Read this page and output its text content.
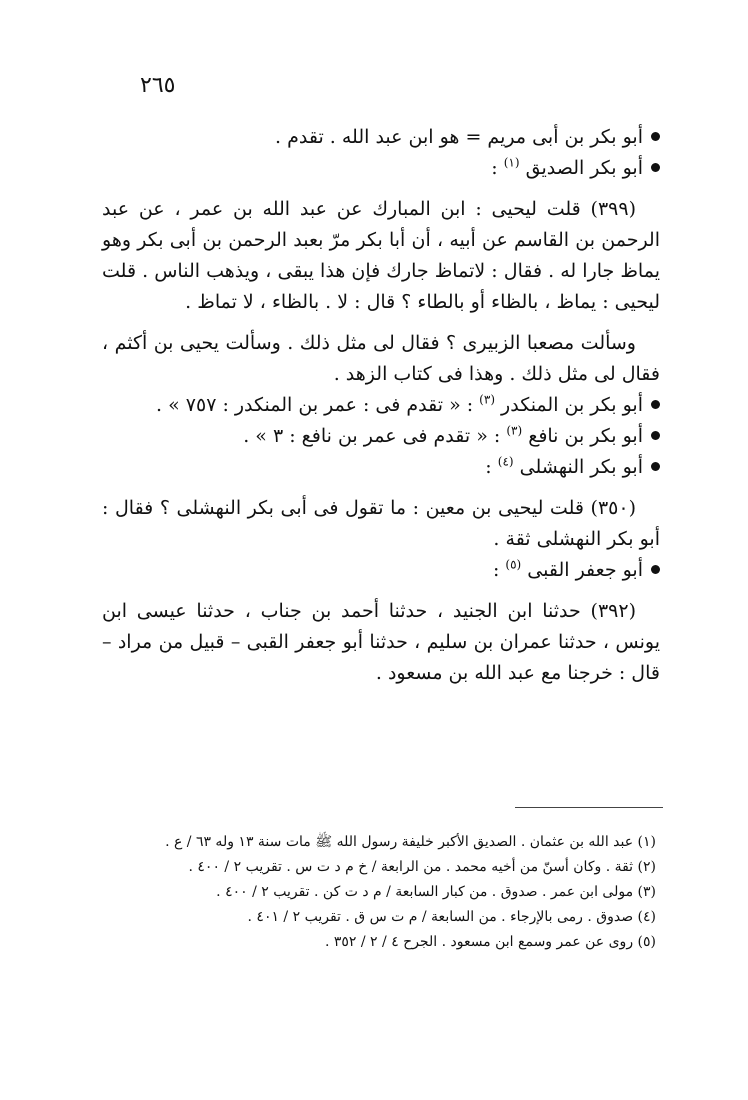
٢٦٥
أبو بكر بن أبى مريم = هو ابن عبد الله . تقدم .
أبو بكر الصديق $^{(١)}$ :
(٣٩٩) قلت ليحيى : ابن المبارك عن عبد الله بن عمر ، عن عبد الرحمن بن القاسم عن أبيه ، أن أبا بكر مرّ بعبد الرحمن بن أبى بكر وهو يماظ جارا له . فقال : لاتماظ جارك فإن هذا يبقى ، ويذهب الناس . قلت ليحيى : يماظ ، بالظاء أو بالطاء ؟ قال : لا . بالظاء ، لا تماظ .
وسألت مصعبا الزبيرى ؟ فقال لى مثل ذلك . وسألت يحيى بن أكثم ، فقال لى مثل ذلك . وهذا فى كتاب الزهد .
أبو بكر بن المنكدر $^{(٣)}$ : « تقدم فى : عمر بن المنكدر : ٧٥٧ » .
أبو بكر بن نافع $^{(٣)}$ : « تقدم فى عمر بن نافع : ٣ » .
أبو بكر النهشلى $^{(٤)}$ :
(٣٥٠) قلت ليحيى بن معين : ما تقول فى أبى بكر النهشلى ؟ فقال : أبو بكر النهشلى ثقة .
أبو جعفر القبى $^{(٥)}$ :
(٣٩٢) حدثنا ابن الجنيد ، حدثنا أحمد بن جناب ، حدثنا عيسى ابن يونس ، حدثنا عمران بن سليم ، حدثنا أبو جعفر القبى – قبيل من مراد – قال : خرجنا مع عبد الله بن مسعود .
(١) عبد الله بن عثمان . الصديق الأكبر خليفة رسول الله ﷺ مات سنة ١٣ وله ٦٣ / ع .
(٢) ثقة . وكان أسنّ من أخيه محمد . من الرابعة / خ م د ت س . تقريب ٢ / ٤٠٠ .
(٣) مولى ابن عمر . صدوق . من كبار السابعة / م د ت كن . تقريب ٢ / ٤٠٠ .
(٤) صدوق . رمى بالإرجاء . من السابعة / م ت س ق . تقريب ٢ / ٤٠١ .
(٥) روى عن عمر وسمع ابن مسعود . الجرح ٤ / ٢ / ٣٥٢ .
